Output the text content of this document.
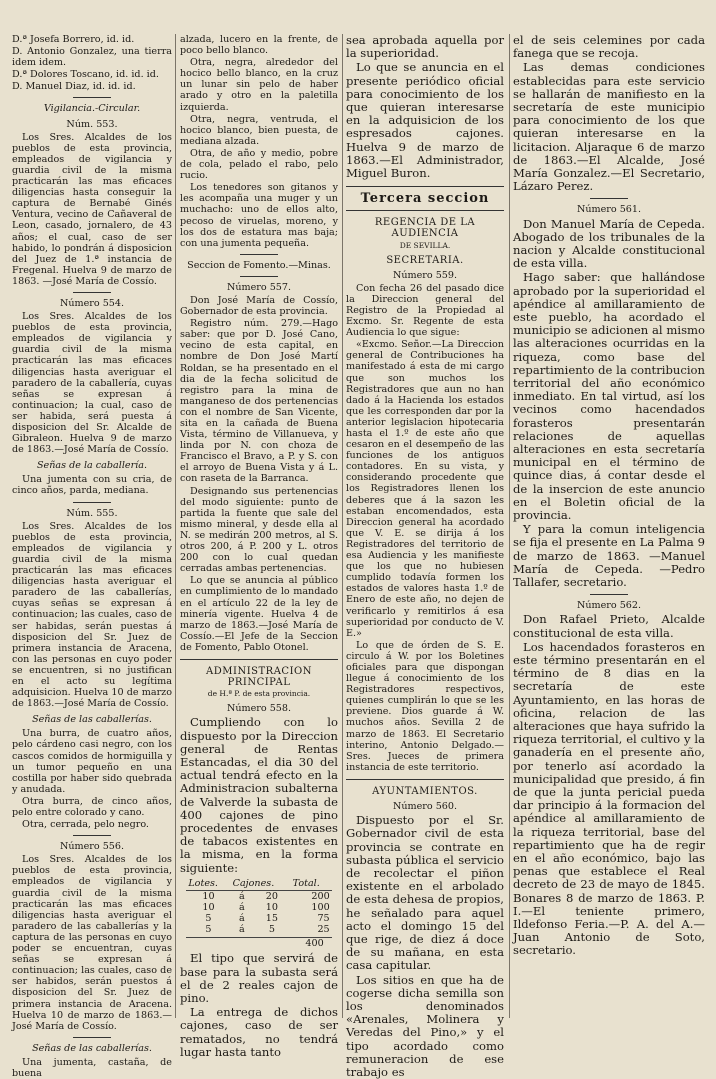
D.ª Josefa Borrero, id. id.

D. Antonio Gonzalez, una tierra idem idem.

D.ª Dolores Toscano, id. id. id.

D. Manuel Diaz, id. id. id.

Vigilancia.-Circular.
Núm. 553.

Los Sres. Alcaldes de los pueblos de esta provincia, empleados de vigilancia y guardia civil de la misma practicarán las mas eficaces diligencias hasta conseguir la captura de Bernabé Ginés Ventura, vecino de Cañaveral de Leon, casado, jornalero, de 43 años; el cual, caso de ser habido, lo pondrán á disposicion del Juez de 1.ª instancia de Fregenal. Huelva 9 de marzo de 1863. —José María de Cossío.

Número 554.

Los Sres. Alcaldes de los pueblos de esta provincia, empleados de vigilancia y guardia civil de la misma practicarán las mas eficaces diligencias hasta averiguar el paradero de la caballería, cuyas señas se expresan á continuacion; la cual, caso de ser habida, será puesta á disposicion del Sr. Alcalde de Gibraleon. Huelva 9 de marzo de 1863.—José María de Cossío.

Señas de la caballería.

Una jumenta con su cria, de cinco años, parda, mediana.

Núm. 555.

Los Sres. Alcaldes de los pueblos de esta provincia, empleados de vigilancia y guardia civil de la misma practicarán las mas eficaces diligencias hasta averiguar el paradero de las caballerías, cuyas señas se expresan á continuacion; las cuales, caso de ser habidas, serán puestas á disposicion del Sr. Juez de primera instancia de Aracena, con las personas en cuyo poder se encuentren, si no justifican en el acto su legítima adquisicion. Huelva 10 de marzo de 1863.—José María de Cossío.

Señas de las caballerías.

Una burra, de cuatro años, pelo cárdeno casi negro, con los cascos comidos de hormiguilla y un tumor pequeño en una costilla por haber sido quebrada y anudada.

Otra burra, de cinco años, pelo entre colorado y cano.

Otra, cerrada, pelo negro.

Número 556.

Los Sres. Alcaldes de los pueblos de esta provincia, empleados de vigilancia y guardia civil de la misma practicarán las mas eficaces diligencias hasta averiguar el paradero de las caballerías y la captura de las personas en cuyo poder se encuentran, cuyas señas se expresan á continuacion; las cuales, caso de ser habidos, serán puestos á disposicion del Sr. Juez de primera instancia de Aracena. Huelva 10 de marzo de 1863.—José María de Cossío.

Señas de las caballerías.

Una jumenta, castaña, de buena

alzada, lucero en la frente, de poco bello blanco.

Otra, negra, alrededor del hocico bello blanco, en la cruz un lunar sin pelo de haber arado y otro en la paletilla izquierda.

Otra, negra, ventruda, el hocico blanco, bien puesta, de mediana alzada.

Otra, de año y medio, pobre de cola, pelado el rabo, pelo rucio.

Los tenedores son gitanos y les acompaña una muger y un muchacho: uno de ellos alto, pecoso de viruelas, moreno, y los dos de estatura mas baja; con una jumenta pequeña.

Seccion de Fomento.—Minas.
Número 557.

Don José María de Cossío, Gobernador de esta provincia.

Registro núm. 279.—Hago saber: que por D. José Cano, vecino de esta capital, en nombre de Don José Martí Roldan, se ha presentado en el dia de la fecha solicitud de registro para la mina de manganeso de dos pertenencias con el nombre de San Vicente, sita en la cañada de Buena Vista, término de Villanueva, y linda por N. con choza de Francisco el Bravo, a P. y S. con el arroyo de Buena Vista y á L. con raseta de la Barranca.

Designando sus pertenencias del modo siguiente: punto de partida la fuente que sale del mismo mineral, y desde ella al N. se medirán 200 metros, al S. otros 200, á P. 200 y L. otros 200 con lo cual quedan cerradas ambas pertenencias.

Lo que se anuncia al público en cumplimiento de lo mandado en el artículo 22 de la ley de minería vigente. Huelva 4 de marzo de 1863.—José María de Cossío.—El Jefe de la Seccion de Fomento, Pablo Otonel.

ADMINISTRACION PRINCIPAL
de H.ª P. de esta provincia.
Número 558.

Cumpliendo con lo dispuesto por la Direccion general de Rentas Estancadas, el dia 30 del actual tendrá efecto en la Administracion subalterna de Valverde la subasta de 400 cajones de pino procedentes de envases de tabacos existentes en la misma, en la forma siguiente:

Lotes.	Cajones.		Total.
10	á	20	200
10	á	10	100
5	á	15	75
5	á	5	25
400

El tipo que servirá de base para la subasta será el de 2 reales cajon de pino.

La entrega de dichos cajones, caso de ser rematados, no tendrá lugar hasta tanto

sea aprobada aquella por la superioridad.

Lo que se anuncia en el presente periódico oficial para conocimiento de los que quieran interesarse en la adquisicion de los espresados cajones. Huelva 9 de marzo de 1863.—El Administrador, Miguel Buron.

Tercera seccion
REGENCIA DE LA AUDIENCIA
DE SEVILLA.
SECRETARIA.
Número 559.

Con fecha 26 del pasado dice la Direccion general del Registro de la Propiedad al Excmo. Sr. Regente de esta Audiencia lo que sigue:

«Excmo. Señor.—La Direccion general de Contribuciones ha manifestado á esta de mi cargo que son muchos los Registradores que aun no han dado á la Hacienda los estados que les corresponden dar por la anterior legislacion hipotecaria hasta el 1.º de este año que cesaron en el desempeño de las funciones de los antiguos contadores. En su vista, y considerando procedente que los Registradores llenen los deberes que á la sazon les estaban encomendados, esta Direccion general ha acordado que V. E. se dirija á los Registradores del territorio de esa Audiencia y les manifieste que los que no hubiesen cumplido todavía formen los estados de valores hasta 1.º de Enero de este año, no dejen de verificarlo y remitirlos á esa superioridad por conducto de V. E.»

Lo que de órden de S. E. circulo á W. por los Boletines oficiales para que dispongan llegue á conocimiento de los Registradores respectivos, quienes cumplirán lo que se les previene. Dios guarde á W. muchos años. Sevilla 2 de marzo de 1863. El Secretario interino, Antonio Delgado.—Sres. Jueces de primera instancia de este territorio.

AYUNTAMIENTOS.
Número 560.

Dispuesto por el Sr. Gobernador civil de esta provincia se contrate en subasta pública el servicio de recolectar el piñon existente en el arbolado de esta dehesa de propios, he señalado para aquel acto el domingo 15 del que rige, de diez á doce de su mañana, en esta casa capitular.

Los sitios en que ha de cogerse dicha semilla son los denominados «Arenales, Molinera y Veredas del Pino,» y el tipo acordado como remuneracion de ese trabajo es

el de seis celemines por cada fanega que se recoja.

Las demas condiciones establecidas para este servicio se hallarán de manifiesto en la secretaría de este municipio para conocimiento de los que quieran interesarse en la licitacion. Aljaraque 6 de marzo de 1863.—El Alcalde, José María Gonzalez.—El Secretario, Lázaro Perez.

Número 561.

Don Manuel María de Cepeda. Abogado de los tribunales de la nacion y Alcalde constitucional de esta villa.

Hago saber: que hallándose aprobado por la superioridad el apéndice al amillaramiento de este pueblo, ha acordado el municipio se adicionen al mismo las alteraciones ocurridas en la riqueza, como base del repartimiento de la contribucion territorial del año económico inmediato. En tal virtud, así los vecinos como hacendados forasteros presentarán relaciones de aquellas alteraciones en esta secretaría municipal en el término de quince dias, á contar desde el de la insercion de este anuncio en el Boletin oficial de la provincia.

Y para la comun inteligencia se fija el presente en La Palma 9 de marzo de 1863. —Manuel María de Cepeda. —Pedro Tallafer, secretario.

Número 562.

Don Rafael Prieto, Alcalde constitucional de esta villa.

Los hacendados forasteros en este término presentarán en el término de 8 dias en la secretaría de este Ayuntamiento, en las horas de oficina, relacion de las alteraciones que haya sufrido la riqueza territorial, el cultivo y la ganadería en el presente año, por tenerlo así acordado la municipalidad que presido, á fin de que la junta pericial pueda dar principio á la formacion del apéndice al amillaramiento de la riqueza territorial, base del repartimiento que ha de regir en el año económico, bajo las penas que establece el Real decreto de 23 de mayo de 1845. Bonares 8 de marzo de 1863. P. I.—El teniente primero, Ildefonso Feria.—P. A. del A.—Juan Antonio de Soto, secretario.
